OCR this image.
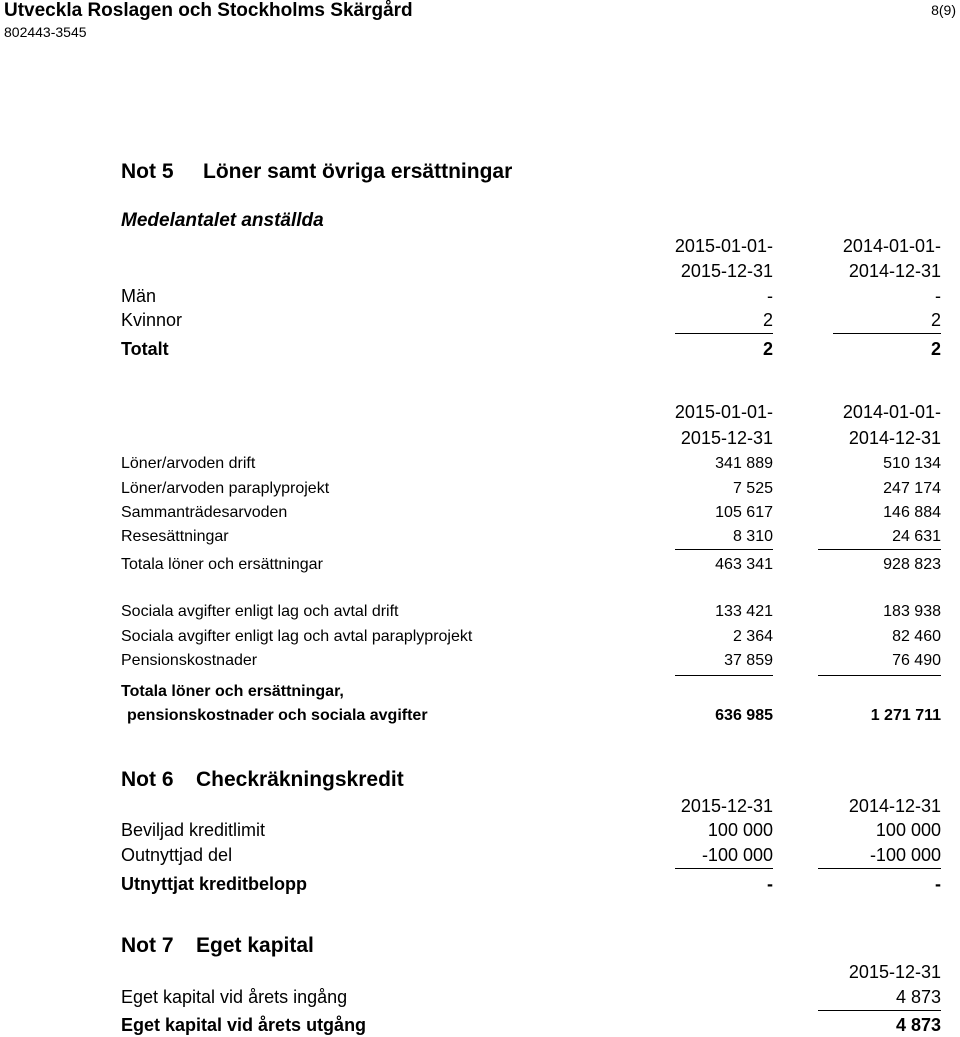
Utveckla Roslagen och Stockholms Skärgård
802443-3545
8(9)
Not 5 Löner samt övriga ersättningar
Medelantalet anställda
2015-01-01-	2014-01-01-
2015-12-31	2014-12-31
Män	-	-
Kvinnor	2	2
Totalt	2	2
2015-01-01-	2014-01-01-
2015-12-31	2014-12-31
Löner/arvoden drift	341 889	510 134
Löner/arvoden paraplyprojekt	7 525	247 174
Sammanträdesarvoden	105 617	146 884
Resesättningar	8 310	24 631
Totala löner och ersättningar	463 341	928 823
Sociala avgifter enligt lag och avtal drift	133 421	183 938
Sociala avgifter enligt lag och avtal paraplyprojekt	2 364	82 460
Pensionskostnader	37 859	76 490
Totala löner och ersättningar,
pensionskostnader och sociala avgifter	636 985	1 271 711
Not 6 Checkräkningskredit
2015-12-31	2014-12-31
Beviljad kreditlimit	100 000	100 000
Outnyttjad del	-100 000	-100 000
Utnyttjat kreditbelopp	-	-
Not 7 Eget kapital
2015-12-31
Eget kapital vid årets ingång	4 873
Eget kapital vid årets utgång	4 873
